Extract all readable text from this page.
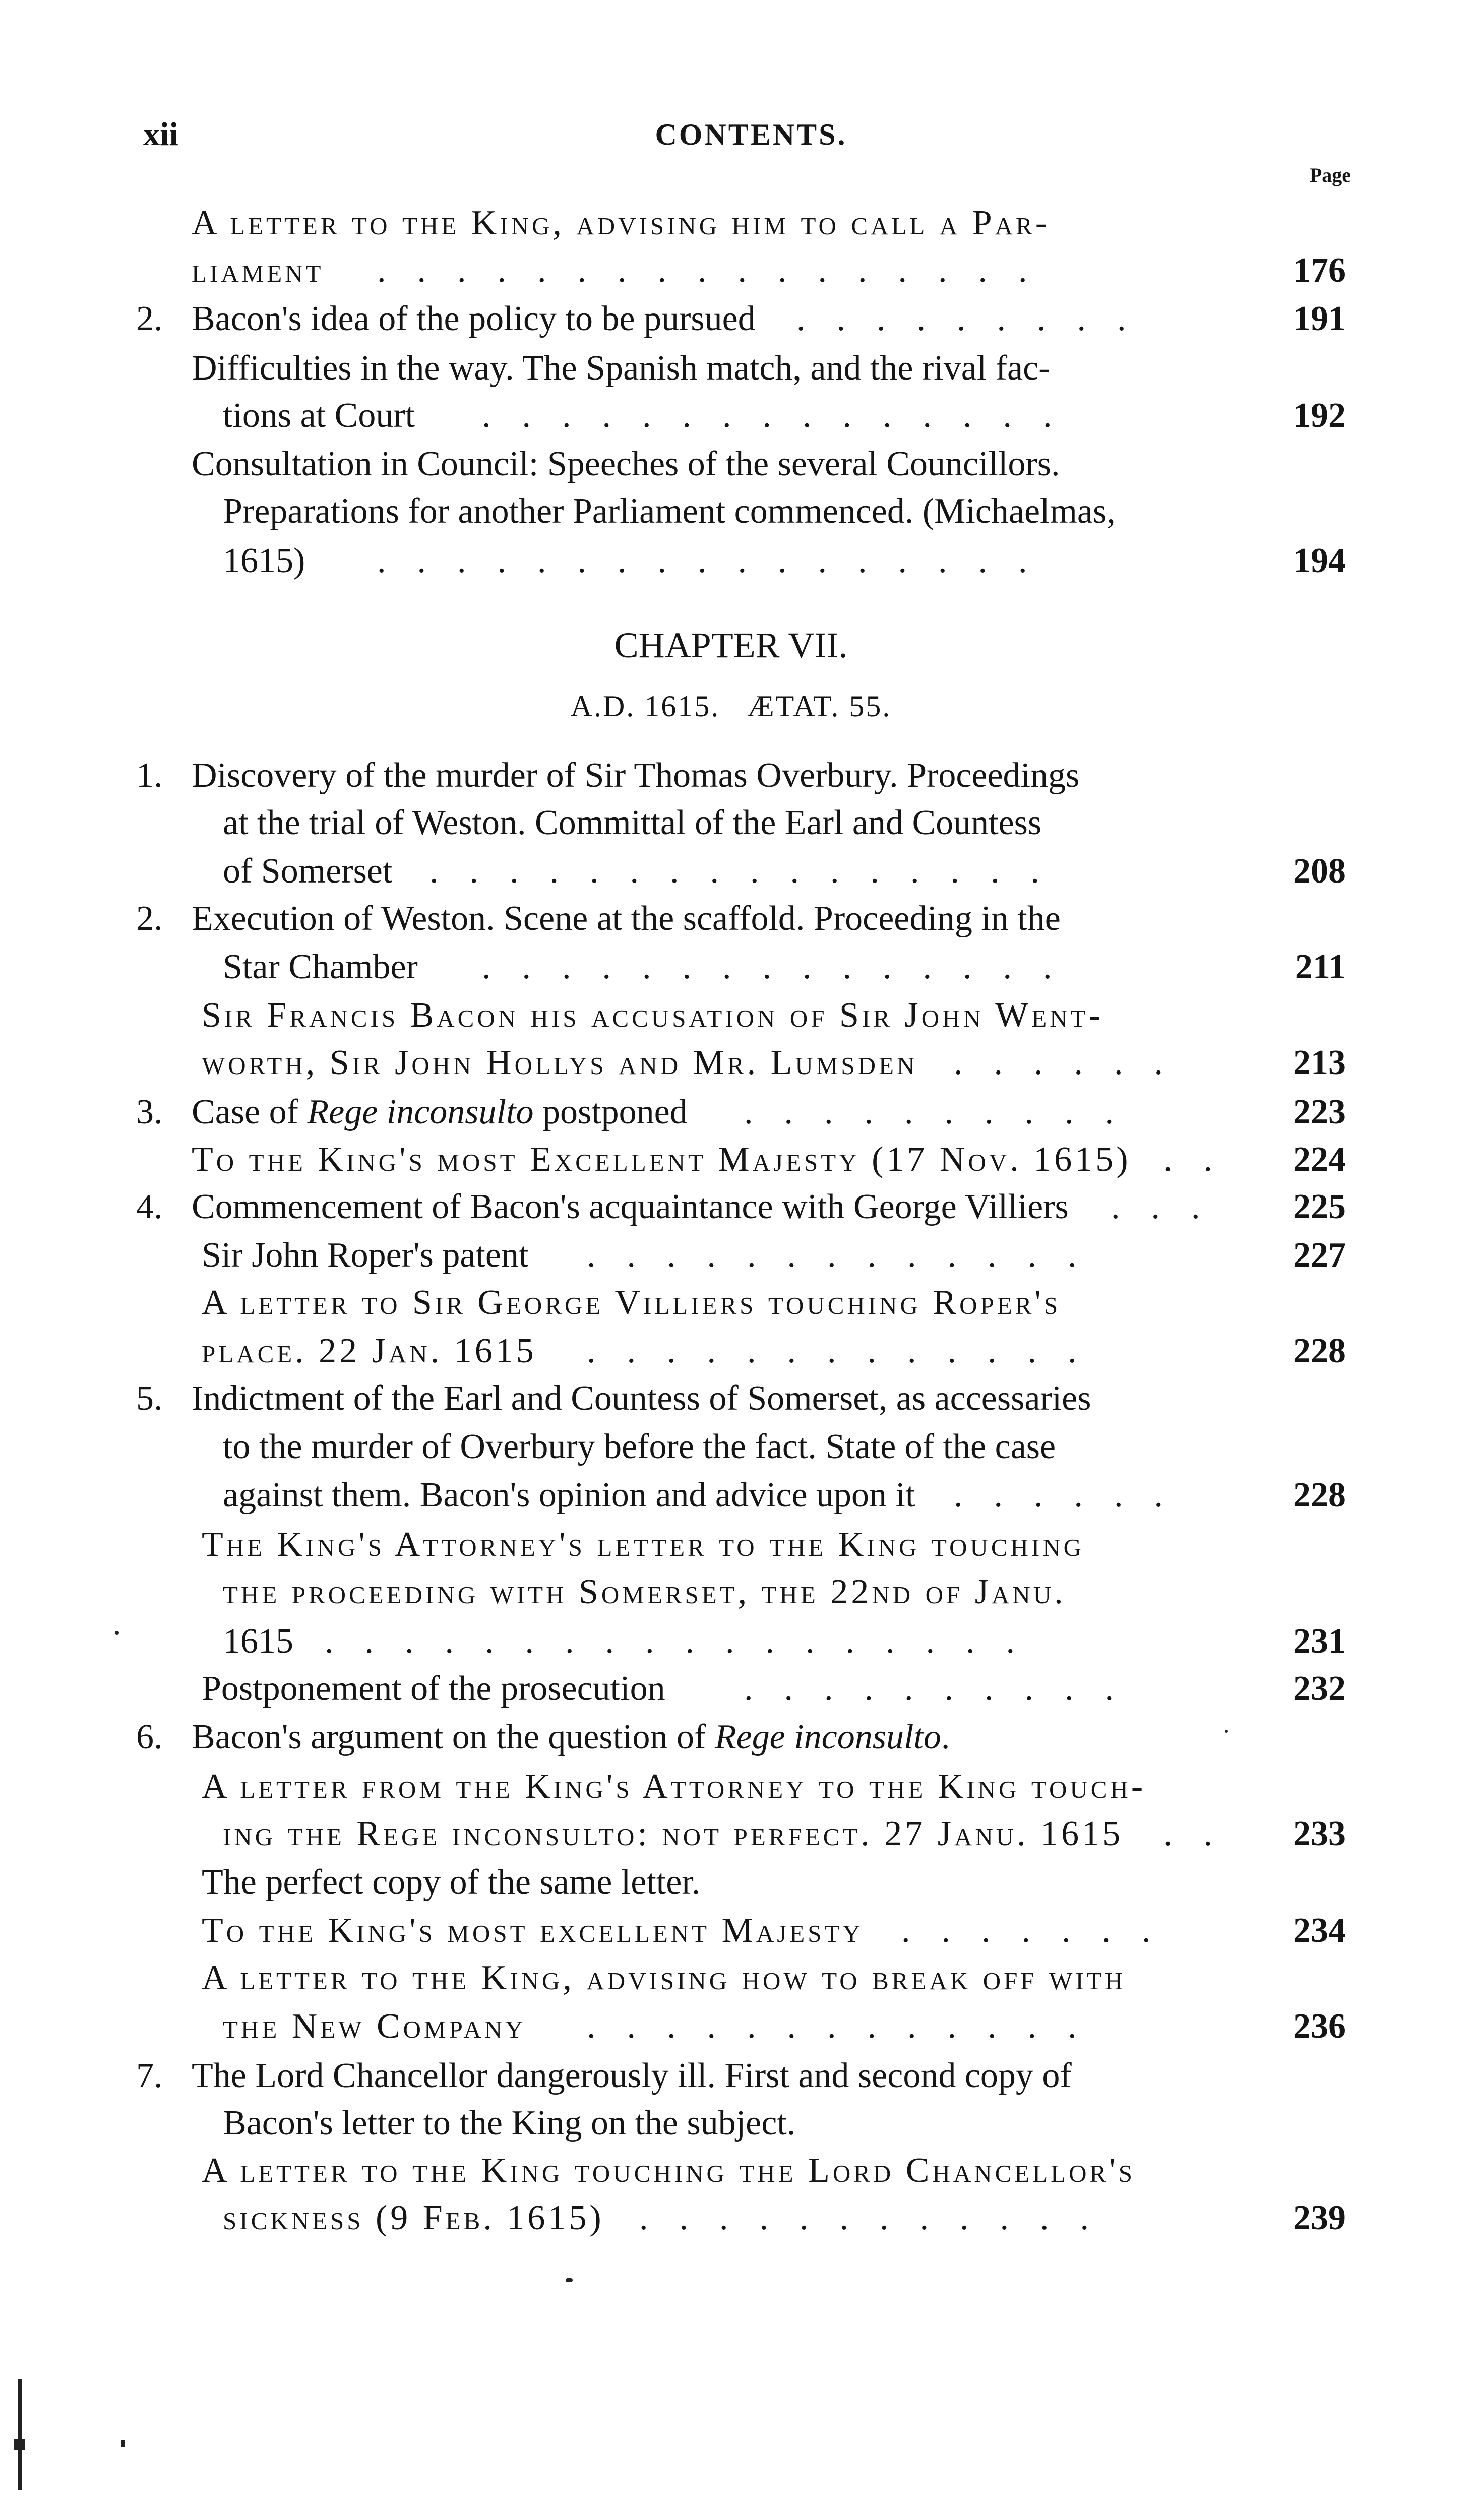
xii	CONTENTS.
Page
CHAPTER VII.
A.D. 1615.   ÆTAT. 55.
A letter to the King, advising him to call a Par-
liament	176
.................
2. Bacon's idea of the policy to be pursued	191
.........
Difficulties in the way. The Spanish match, and the rival fac-
tions at Court	192
...............
Consultation in Council: Speeches of the several Councillors.
Preparations for another Parliament commenced. (Michaelmas,
1615)	194
.................
1. Discovery of the murder of Sir Thomas Overbury. Proceedings
at the trial of Weston. Committal of the Earl and Countess
of Somerset	208
................
2. Execution of Weston. Scene at the scaffold. Proceeding in the
Star Chamber	211
...............
Sir Francis Bacon his accusation of Sir John Went-
worth, Sir John Hollys and Mr. Lumsden	213
......
3. Case of Rege inconsulto postponed	223
..........
To the King's most Excellent Majesty (17 Nov. 1615)	224
..
4. Commencement of Bacon's acquaintance with George Villiers	225
...
Sir John Roper's patent	227
.............
A letter to Sir George Villiers touching Roper's
place. 22 Jan. 1615	228
.............
5. Indictment of the Earl and Countess of Somerset, as accessaries
to the murder of Overbury before the fact. State of the case
against them. Bacon's opinion and advice upon it	228
......
The King's Attorney's letter to the King touching
the proceeding with Somerset, the 22nd of Janu.
1615	231
..................
Postponement of the prosecution	232
..........
6. Bacon's argument on the question of Rege inconsulto.
A letter from the King's Attorney to the King touch-
ing the Rege inconsulto: not perfect. 27 Janu. 1615	233
..
The perfect copy of the same letter.
To the King's most excellent Majesty	234
.......
A letter to the King, advising how to break off with
the New Company	236
.............
7. The Lord Chancellor dangerously ill. First and second copy of
Bacon's letter to the King on the subject.
A letter to the King touching the Lord Chancellor's
sickness (9 Feb. 1615)	239
............
